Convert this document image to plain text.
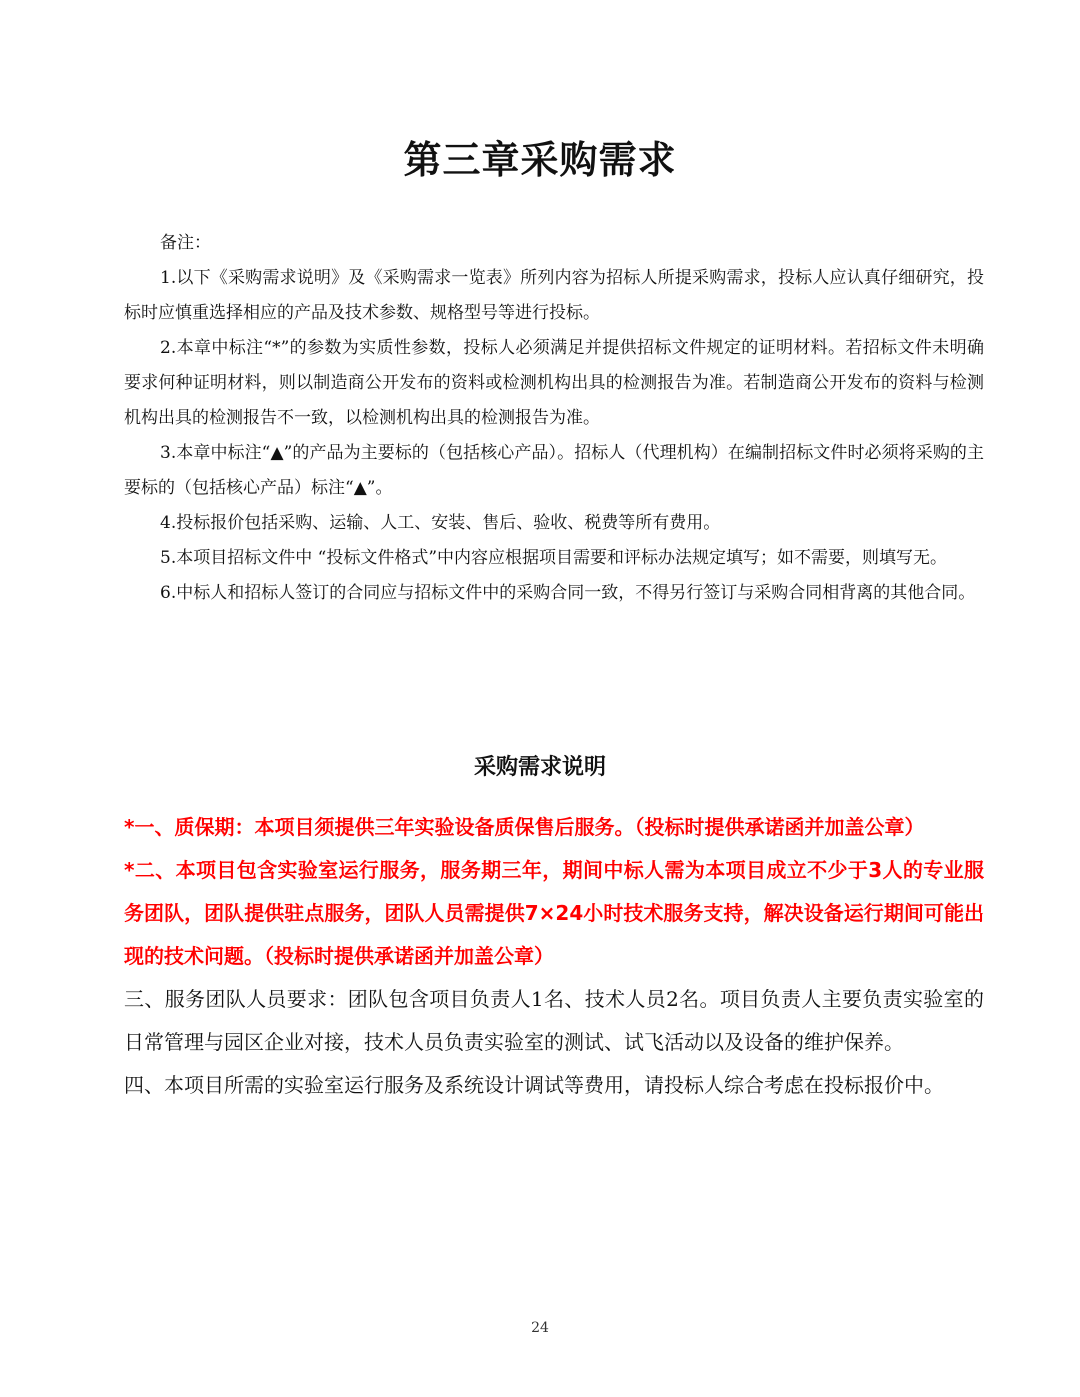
第三章采购需求

备注：

1.以下《采购需求说明》及《采购需求一览表》所列内容为招标人所提采购需求，投标人应认真仔细研究，投标时应慎重选择相应的产品及技术参数、规格型号等进行投标。

2.本章中标注“*”的参数为实质性参数，投标人必须满足并提供招标文件规定的证明材料。若招标文件未明确要求何种证明材料，则以制造商公开发布的资料或检测机构出具的检测报告为准。若制造商公开发布的资料与检测机构出具的检测报告不一致，以检测机构出具的检测报告为准。

3.本章中标注“▲”的产品为主要标的（包括核心产品）。招标人（代理机构）在编制招标文件时必须将采购的主要标的（包括核心产品）标注“▲”。

4.投标报价包括采购、运输、人工、安装、售后、验收、税费等所有费用。

5.本项目招标文件中 “投标文件格式”中内容应根据项目需要和评标办法规定填写；如不需要，则填写无。

6.中标人和招标人签订的合同应与招标文件中的采购合同一致，不得另行签订与采购合同相背离的其他合同。

采购需求说明

*一、质保期：本项目须提供三年实验设备质保售后服务。（投标时提供承诺函并加盖公章）

*二、本项目包含实验室运行服务，服务期三年，期间中标人需为本项目成立不少于3人的专业服务团队，团队提供驻点服务，团队人员需提供7×24小时技术服务支持，解决设备运行期间可能出现的技术问题。（投标时提供承诺函并加盖公章）

三、服务团队人员要求：团队包含项目负责人1名、技术人员2名。项目负责人主要负责实验室的日常管理与园区企业对接，技术人员负责实验室的测试、试飞活动以及设备的维护保养。

四、本项目所需的实验室运行服务及系统设计调试等费用，请投标人综合考虑在投标报价中。

24
